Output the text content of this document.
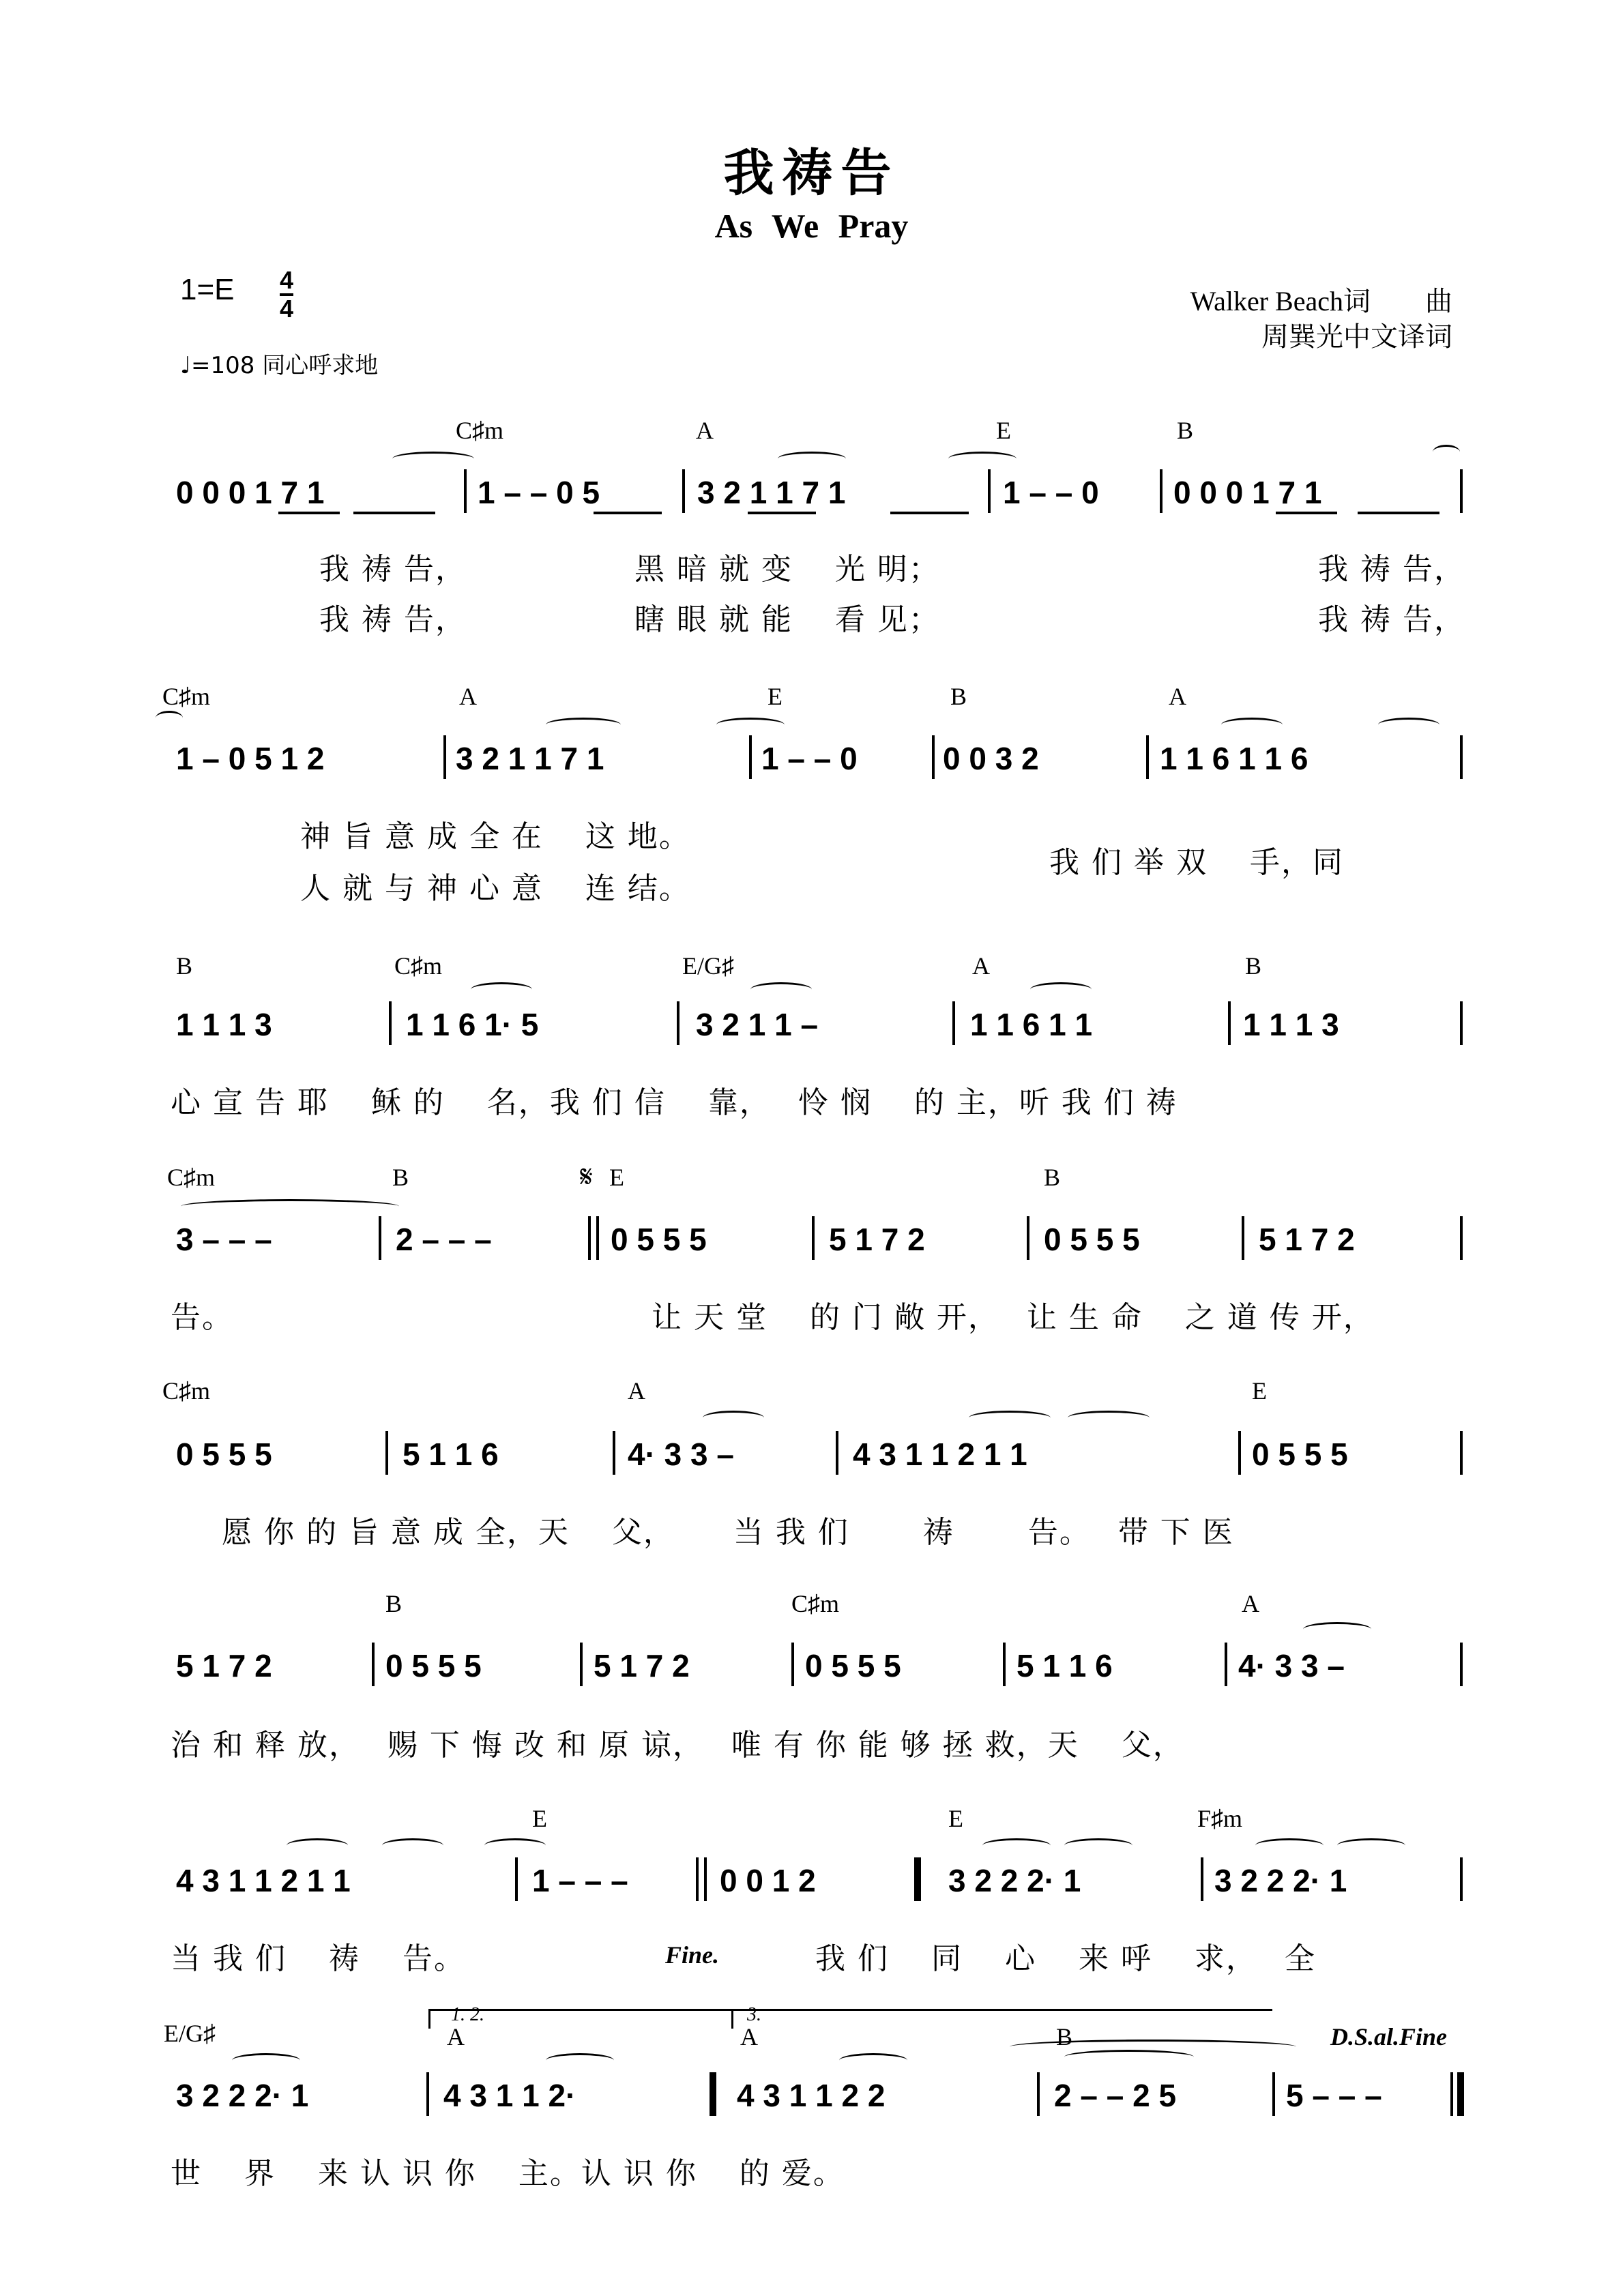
我祷告
As We Pray
1=E 4
4
♩=108 同心呼求地
Walker Beach词　　曲
周巽光中文译词
C♯m	A	E	B
0 0 0 1 7 1	1 – – 0 5	3 2 1 1 7 1	1 – – 0 0 0 0 1 7 1
我 祷 告，	黑 暗 就 变　 光 明；	我 祷 告，
我 祷 告，	瞎 眼 就 能　 看 见；	我 祷 告，
C♯m	A	E	B	A
1 – 0 5 1 2	3 2 1 1 7 1	1 – – 0	0 0 3 2	1 1 6 1 1 6
神 旨 意 成 全 在　 这 地。
人 就 与 神 心 意　 连 结。
我 们 举 双　 手，同
B	C♯m	E/G♯	A	B
1 1 1 3	1 1 6 1· 5	3 2 1 1 –	1 1 6 1 1	1 1 1 3
心 宣 告 耶　 稣 的　 名，我 们 信　 靠，　 怜 悯　 的 主，听 我 们 祷
C♯m	B	𝄋 E	B
3 – – –	2 – – –	0 5 5 5	5 1 7 2	0 5 5 5	5 1 7 2
告。	让 天 堂　 的 门 敞 开，　 让 生 命　 之 道 传 开，
C♯m	A	E
0 5 5 5	5 1 1 6	4· 3 3 –	4 3 1 1 2 1 1	0 5 5 5
愿 你 的 旨 意 成 全，天　 父，　　 当 我 们　　 祷　　 告。　 带 下 医
B	C♯m	A
5 1 7 2	0 5 5 5	5 1 7 2	0 5 5 5	5 1 1 6	4· 3 3 –
治 和 释 放，　 赐 下 悔 改 和 原 谅，　 唯 有 你 能 够 拯 救，天　 父，
E	E	F♯m
4 3 1 1 2 1 1	1 – – –	0 0 1 2	3 2 2 2· 1	3 2 2 2· 1
当 我 们　 祷　 告。	Fine.	我 们　 同　 心　 来 呼　 求，　 全
E/G♯
1. 2.
A
3.
A	B	D.S.al.Fine
3 2 2 2· 1	4 3 1 1 2·	4 3 1 1 2 2	2 – – 2 5	5 – – –
世　 界　 来 认 识 你　 主。认 识 你　 的 爱。
